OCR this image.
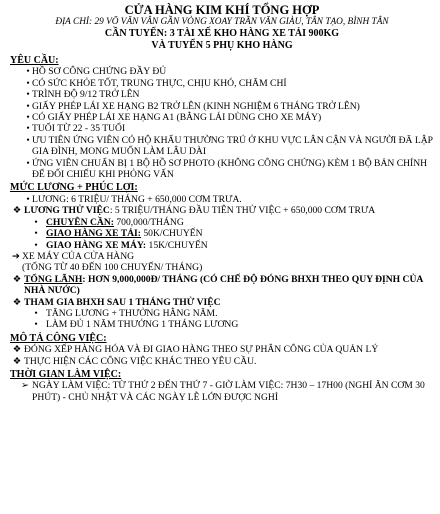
CỬA HÀNG KIM KHÍ TỔNG HỢP
ĐỊA CHỈ: 29 VÕ VĂN VÂN GẦN VÒNG XOAY TRẦN VĂN GIÀU, TÂN TẠO, BÌNH TÂN
CẦN TUYỂN: 3 TÀI XẾ KHO HÀNG XE TẢI 900KG
VÀ TUYỂN 5 PHỤ KHO HÀNG
YÊU CẦU:
• HỒ SƠ CÔNG CHỨNG ĐẦY ĐỦ
• CÓ SỨC KHỎE TỐT, TRUNG THỰC, CHỊU KHÓ, CHĂM CHỈ
• TRÌNH ĐỘ 9/12 TRỞ LÊN
• GIẤY PHÉP LÁI XE HẠNG B2 TRỞ LÊN (KINH NGHIỆM 6 THÁNG TRỞ LÊN)
• CÓ GIẤY PHÉP LÁI XE HẠNG A1 (BẰNG LÁI DÙNG CHO XE MÁY)
• TUỔI TỪ 22 - 35 TUỔI
• ƯU TIÊN ỨNG VIÊN CÓ HỘ KHẨU THƯỜNG TRÚ Ở KHU VỰC LÂN CẬN VÀ NGƯỜI ĐÃ LẬP GIA ĐÌNH, MONG MUỐN LÀM LÂU DÀI
• ỨNG VIÊN CHUẨN BỊ 1 BỘ HỒ SƠ PHOTO (KHÔNG CÔNG CHỨNG) KÈM 1 BỘ BẢN CHÍNH ĐỂ ĐỐI CHIẾU KHI PHỎNG VẤN
MỨC LƯƠNG + PHÚC LỢI:
• LƯƠNG: 6 TRIỆU/ THÁNG + 650,000 CƠM TRƯA.
❖ LƯƠNG THỬ VIỆC: 5 TRIỆU/THÁNG ĐẦU TIÊN THỬ VIỆC + 650,000 CƠM TRƯA
• CHUYÊN CẦN: 700,000/THÁNG
• GIAO HÀNG XE TẢI: 50K/CHUYẾN
• GIAO HÀNG XE MÁY: 15K/CHUYẾN
➔ XE MÁY CỦA CỬA HÀNG
(TỔNG TỪ 40 ĐẾN 100 CHUYẾN/ THÁNG)
❖ TỔNG LÃNH: HƠN 9,000,000Đ/ THÁNG (CÓ CHẾ ĐỘ ĐÓNG BHXH THEO QUY ĐỊNH CỦA NHÀ NƯỚC)
❖ THAM GIA BHXH SAU 1 THÁNG THỬ VIỆC
• TĂNG LƯƠNG + THƯỞNG HẰNG NĂM.
• LÀM ĐỦ 1 NĂM THƯỞNG 1 THÁNG LƯƠNG
MÔ TẢ CÔNG VIỆC:
❖ ĐÓNG XẾP HÀNG HÓA VÀ ĐI GIAO HÀNG THEO SỰ PHÂN CÔNG CỦA QUẢN LÝ
❖ THỰC HIỆN CÁC CÔNG VIỆC KHÁC THEO YÊU CẦU.
THỜI GIAN LÀM VIỆC:
➢ NGÀY LÀM VIỆC: TỪ THỨ 2 ĐẾN THỨ 7 - GIỜ LÀM VIỆC: 7H30 – 17H00 (NGHỈ ĂN CƠM 30 PHÚT) - CHỦ NHẬT VÀ CÁC NGÀY LỄ LỚN ĐƯỢC NGHỈ
